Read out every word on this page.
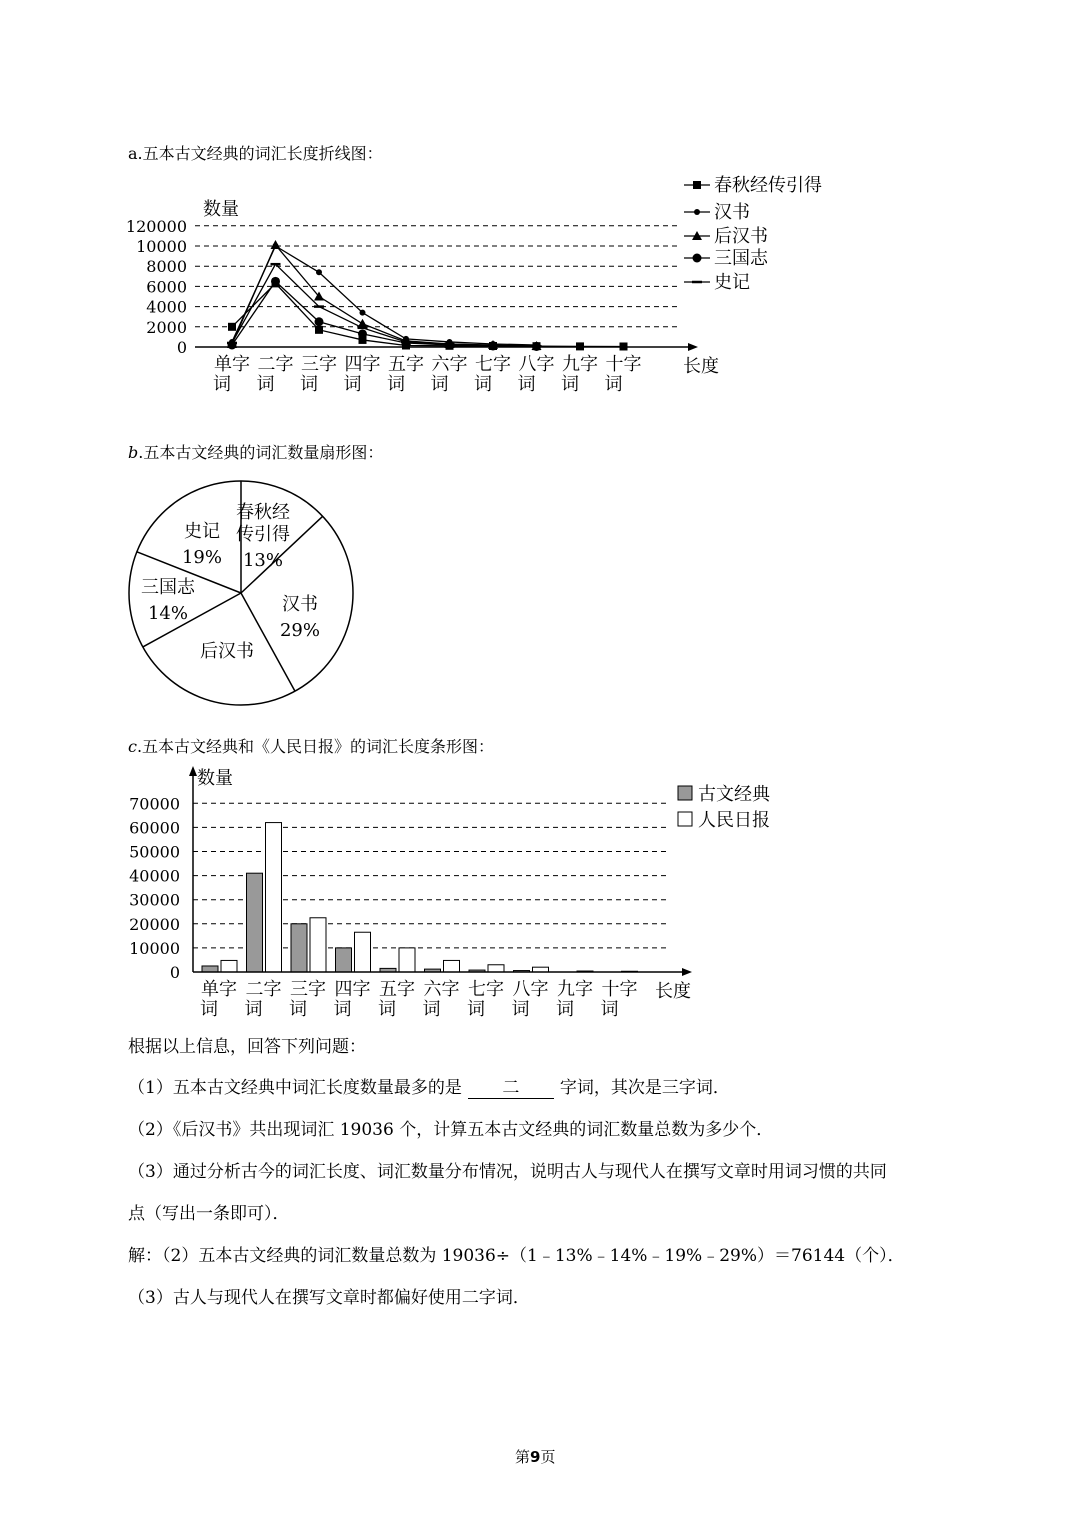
a.五本古文经典的词汇长度折线图：
120000
10000
8000
6000
4000
2000
0
数量
长度
单字
词
二字
词
三字
词
四字
词
五字
词
六字
词
七字
词
八字
词
九字
词
十字
词
春秋经传引得
汉书
后汉书
三国志
史记
b.五本古文经典的词汇数量扇形图：
春秋经
传引得
13%
汉书
29%
后汉书
三国志
14%
史记
19%
c.五本古文经典和《人民日报》的词汇长度条形图：
70000
60000
50000
40000
30000
20000
10000
0
数量
长度
单字
词
二字
词
三字
词
四字
词
五字
词
六字
词
七字
词
八字
词
九字
词
十字
词
古文经典
人民日报
根据以上信息，回答下列问题：
（1）五本古文经典中词汇长度数量最多的是 二 字词，其次是三字词．
（2）《后汉书》共出现词汇 19036 个，计算五本古文经典的词汇数量总数为多少个．
（3）通过分析古今的词汇长度、词汇数量分布情况，说明古人与现代人在撰写文章时用词习惯的共同
点（写出一条即可）．
解：（2）五本古文经典的词汇数量总数为 19036÷（1﹣13%﹣14%﹣19%﹣29%）＝76144（个）．
（3）古人与现代人在撰写文章时都偏好使用二字词．
第9页
